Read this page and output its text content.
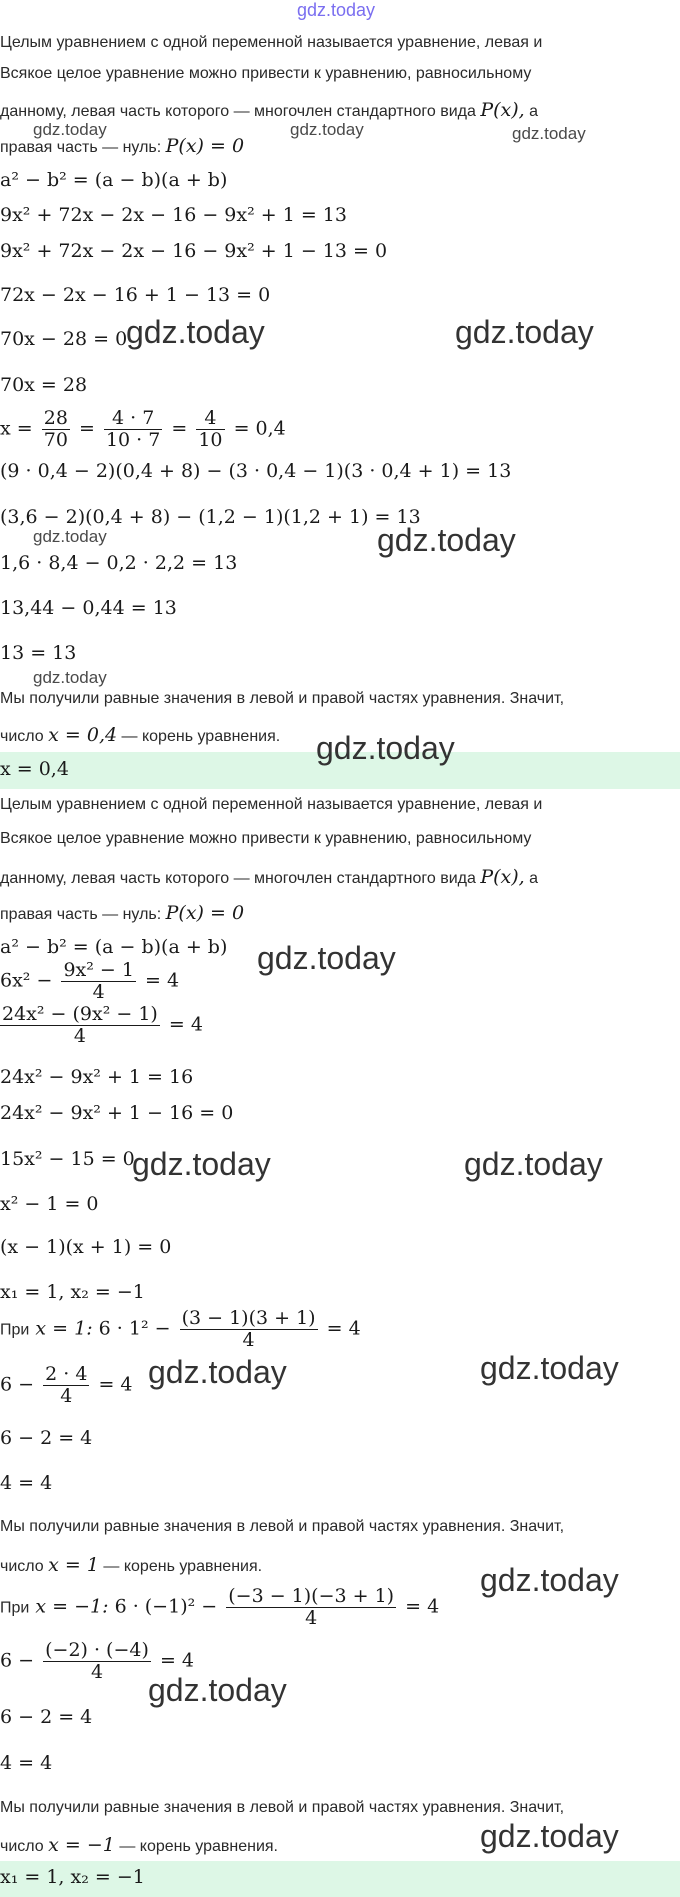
gdz.today
Целым уравнением с одной переменной называется уравнение, левая и
Всякое целое уравнение можно привести к уравнению, равносильному
данному, левая часть которого — многочлен стандартного вида P(x), а
gdz.today	gdz.today	gdz.today
правая часть — нуль: P(x) = 0
a² − b² = (a − b)(a + b)
9x² + 72x − 2x − 16 − 9x² + 1 = 13
9x² + 72x − 2x − 16 − 9x² + 1 − 13 = 0
72x − 2x − 16 + 1 − 13 = 0
70x − 28 = 0
gdz.today	gdz.today
70x = 28
$x = \frac{28}{70} = \frac{4 \cdot 7}{10 \cdot 7} = \frac{4}{10} = 0,4$
(9 · 0,4 − 2)(0,4 + 8) − (3 · 0,4 − 1)(3 · 0,4 + 1) = 13
(3,6 − 2)(0,4 + 8) − (1,2 − 1)(1,2 + 1) = 13
gdz.today	gdz.today
1,6 · 8,4 − 0,2 · 2,2 = 13
13,44 − 0,44 = 13
13 = 13
gdz.today
Мы получили равные значения в левой и правой частях уравнения. Значит,
число x = 0,4 — корень уравнения.
x = 0,4
gdz.today
Целым уравнением с одной переменной называется уравнение, левая и
Всякое целое уравнение можно привести к уравнению, равносильному
данному, левая часть которого — многочлен стандартного вида P(x), а
правая часть — нуль: P(x) = 0
a² − b² = (a − b)(a + b) gdz.today
$6x^2 - \frac{\text{9x² − 1}}{4} = 4$
$\frac{\text{24x² − (9x² − 1)}}{4} = 4$
24x² − 9x² + 1 = 16
24x² − 9x² + 1 − 16 = 0
15x² − 15 = 0
gdz.today	gdz.today
x² − 1 = 0
(x − 1)(x + 1) = 0
x₁ = 1, x₂ = −1
При x = 1: $6 \cdot 1^2 - \frac{(3 - 1)(3 + 1)}{4} = 4$
$6 - \frac{2 \cdot 4}{4} = 4$ gdz.today	gdz.today
6 − 2 = 4
4 = 4
Мы получили равные значения в левой и правой частях уравнения. Значит,
число x = 1 — корень уравнения.	gdz.today
При x = −1: $6 \cdot (-1)^2 - \frac{(-3 - 1)(-3 + 1)}{4} = 4$
$6 - \frac{(-2) \cdot (-4)}{4} = 4$
gdz.today
6 − 2 = 4
4 = 4
Мы получили равные значения в левой и правой частях уравнения. Значит,
число x = −1 — корень уравнения.	gdz.today
x₁ = 1, x₂ = −1
